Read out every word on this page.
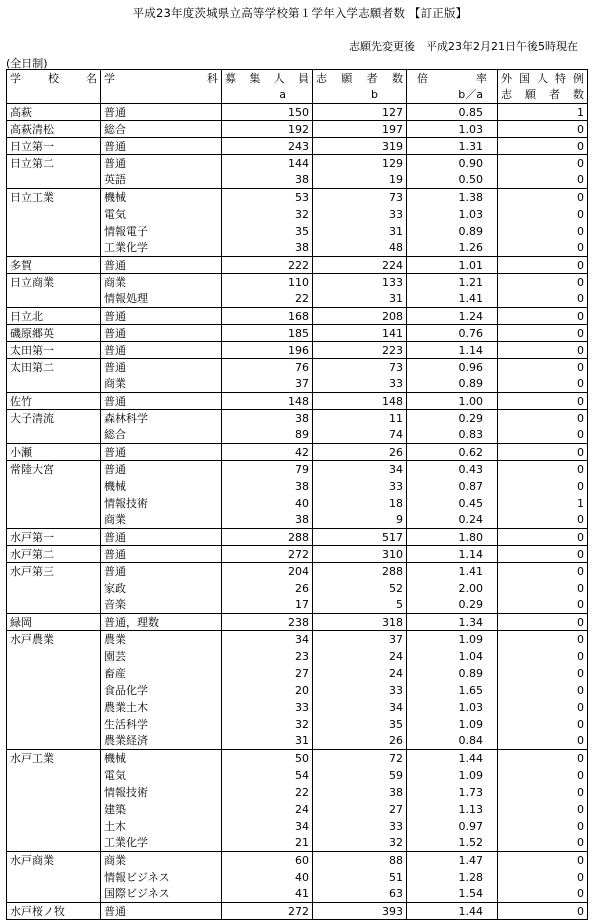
平成23年度茨城県立高等学校第１学年入学志願者数 【訂正版】
志願先変更後　平成23年2月21日午後5時現在
(全日制)
学　　校　　名	学 科	募 集 人 員	志 願 者 数	倍　　率	外国人特例
		a	b	b／a	志 願 者 数
高萩	普通	150	127	0.85	1
高萩清松	総合	192	197	1.03	0
日立第一	普通	243	319	1.31	0
日立第二	普通	144	129	0.90	0
	英語	38	19	0.50	0
日立工業	機械	53	73	1.38	0
	電気	32	33	1.03	0
	情報電子	35	31	0.89	0
	工業化学	38	48	1.26	0
多賀	普通	222	224	1.01	0
日立商業	商業	110	133	1.21	0
	情報処理	22	31	1.41	0
日立北	普通	168	208	1.24	0
磯原郷英	普通	185	141	0.76	0
太田第一	普通	196	223	1.14	0
太田第二	普通	76	73	0.96	0
	商業	37	33	0.89	0
佐竹	普通	148	148	1.00	0
大子清流	森林科学	38	11	0.29	0
	総合	89	74	0.83	0
小瀬	普通	42	26	0.62	0
常陸大宮	普通	79	34	0.43	0
	機械	38	33	0.87	0
	情報技術	40	18	0.45	1
	商業	38	9	0.24	0
水戸第一	普通	288	517	1.80	0
水戸第二	普通	272	310	1.14	0
水戸第三	普通	204	288	1.41	0
	家政	26	52	2.00	0
	音楽	17	5	0.29	0
緑岡	普通，理数	238	318	1.34	0
水戸農業	農業	34	37	1.09	0
	園芸	23	24	1.04	0
	畜産	27	24	0.89	0
	食品化学	20	33	1.65	0
	農業土木	33	34	1.03	0
	生活科学	32	35	1.09	0
	農業経済	31	26	0.84	0
水戸工業	機械	50	72	1.44	0
	電気	54	59	1.09	0
	情報技術	22	38	1.73	0
	建築	24	27	1.13	0
	土木	34	33	0.97	0
	工業化学	21	32	1.52	0
水戸商業	商業	60	88	1.47	0
	情報ビジネス	40	51	1.28	0
	国際ビジネス	41	63	1.54	0
水戸桜ノ牧	普通	272	393	1.44	0
